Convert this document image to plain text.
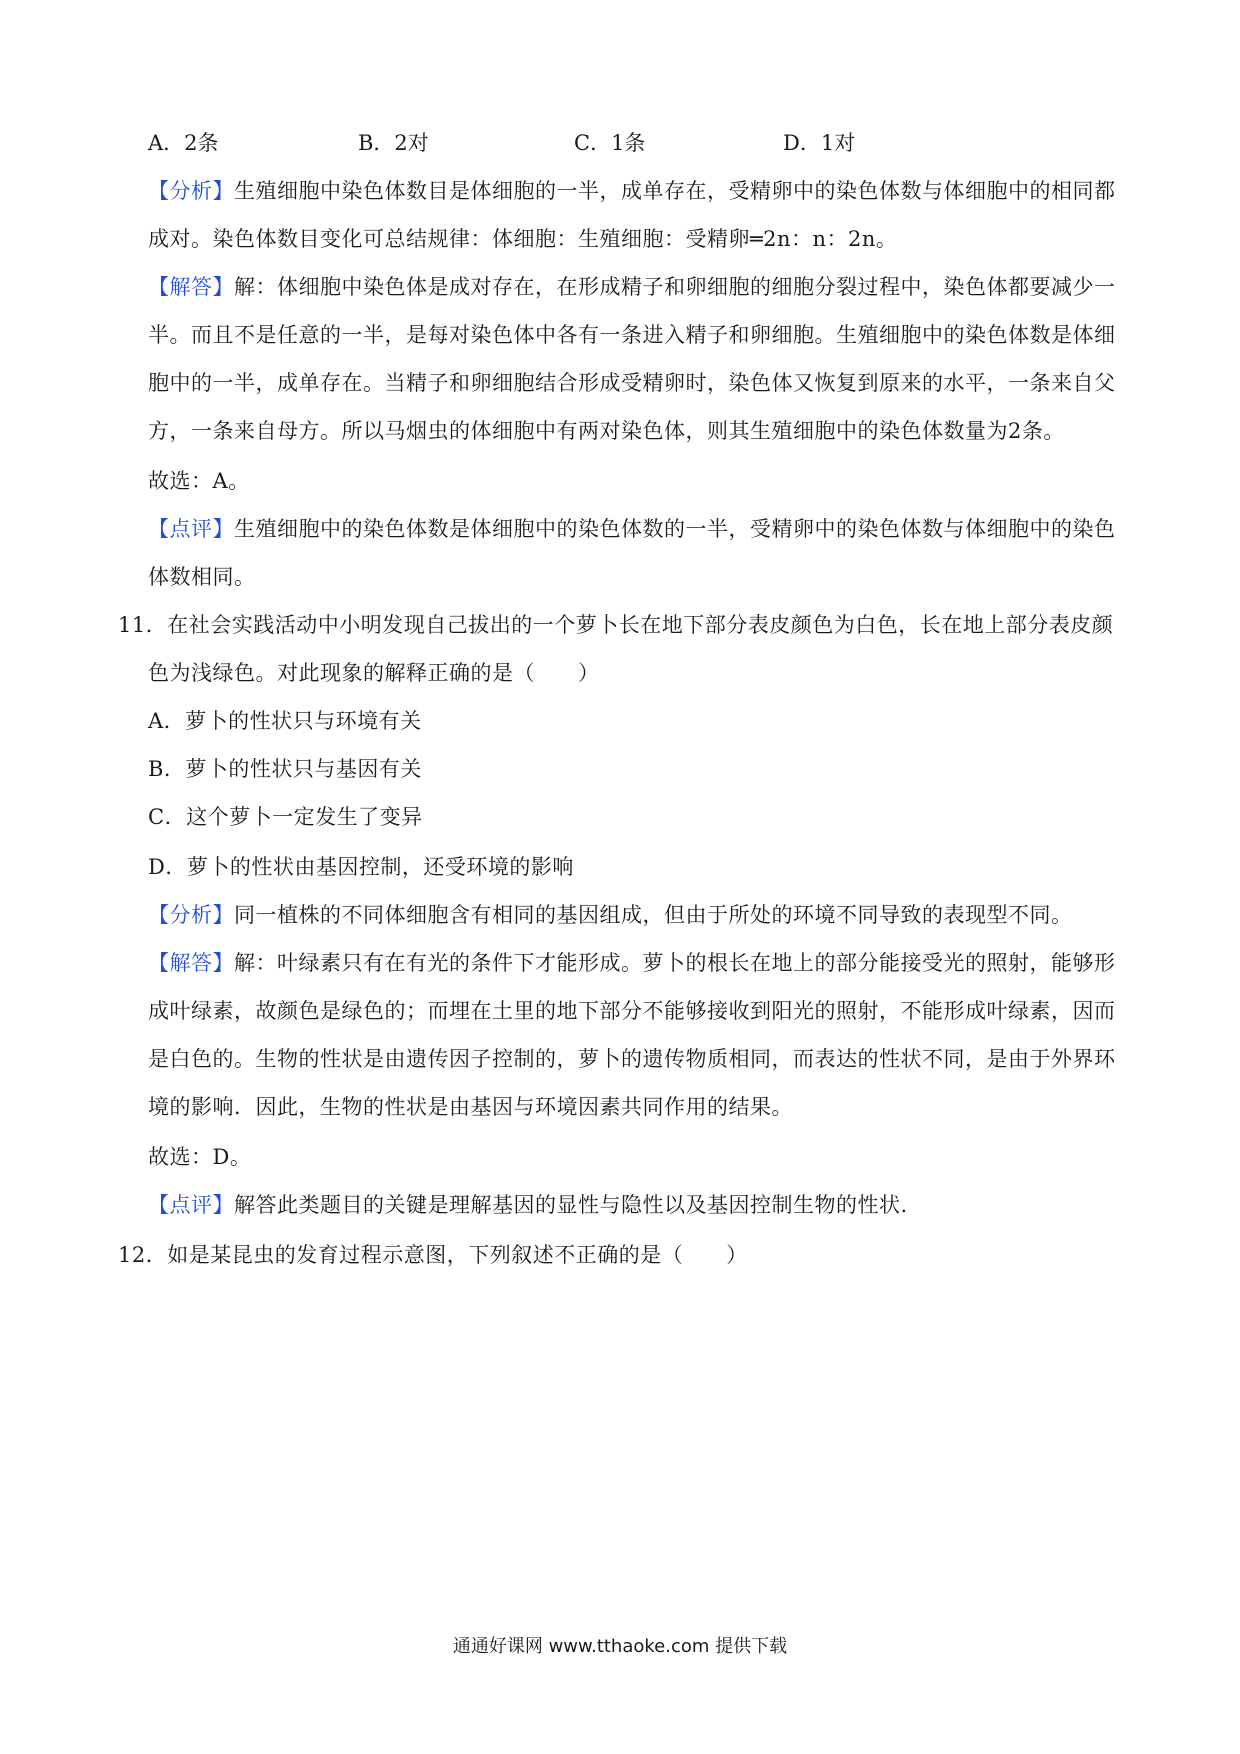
A．2条	B．2对	C．1条	D．1对
【分析】生殖细胞中染色体数目是体细胞的一半，成单存在，受精卵中的染色体数与体细胞中的相同都
成对。染色体数目变化可总结规律：体细胞：生殖细胞：受精卵═2n：n：2n。
【解答】解：体细胞中染色体是成对存在，在形成精子和卵细胞的细胞分裂过程中，染色体都要减少一
半。而且不是任意的一半，是每对染色体中各有一条进入精子和卵细胞。生殖细胞中的染色体数是体细
胞中的一半，成单存在。当精子和卵细胞结合形成受精卵时，染色体又恢复到原来的水平，一条来自父
方，一条来自母方。所以马烟虫的体细胞中有两对染色体，则其生殖细胞中的染色体数量为2条。
故选：A。
【点评】生殖细胞中的染色体数是体细胞中的染色体数的一半，受精卵中的染色体数与体细胞中的染色
体数相同。
11．在社会实践活动中小明发现自己拔出的一个萝卜长在地下部分表皮颜色为白色，长在地上部分表皮颜
色为浅绿色。对此现象的解释正确的是（　　）
A．萝卜的性状只与环境有关
B．萝卜的性状只与基因有关
C．这个萝卜一定发生了变异
D．萝卜的性状由基因控制，还受环境的影响
【分析】同一植株的不同体细胞含有相同的基因组成，但由于所处的环境不同导致的表现型不同。
【解答】解：叶绿素只有在有光的条件下才能形成。萝卜的根长在地上的部分能接受光的照射，能够形
成叶绿素，故颜色是绿色的；而埋在土里的地下部分不能够接收到阳光的照射，不能形成叶绿素，因而
是白色的。生物的性状是由遗传因子控制的，萝卜的遗传物质相同，而表达的性状不同，是由于外界环
境的影响．因此，生物的性状是由基因与环境因素共同作用的结果。
故选：D。
【点评】解答此类题目的关键是理解基因的显性与隐性以及基因控制生物的性状.
12．如是某昆虫的发育过程示意图，下列叙述不正确的是（　　）
通通好课网 www.tthaoke.com 提供下载
